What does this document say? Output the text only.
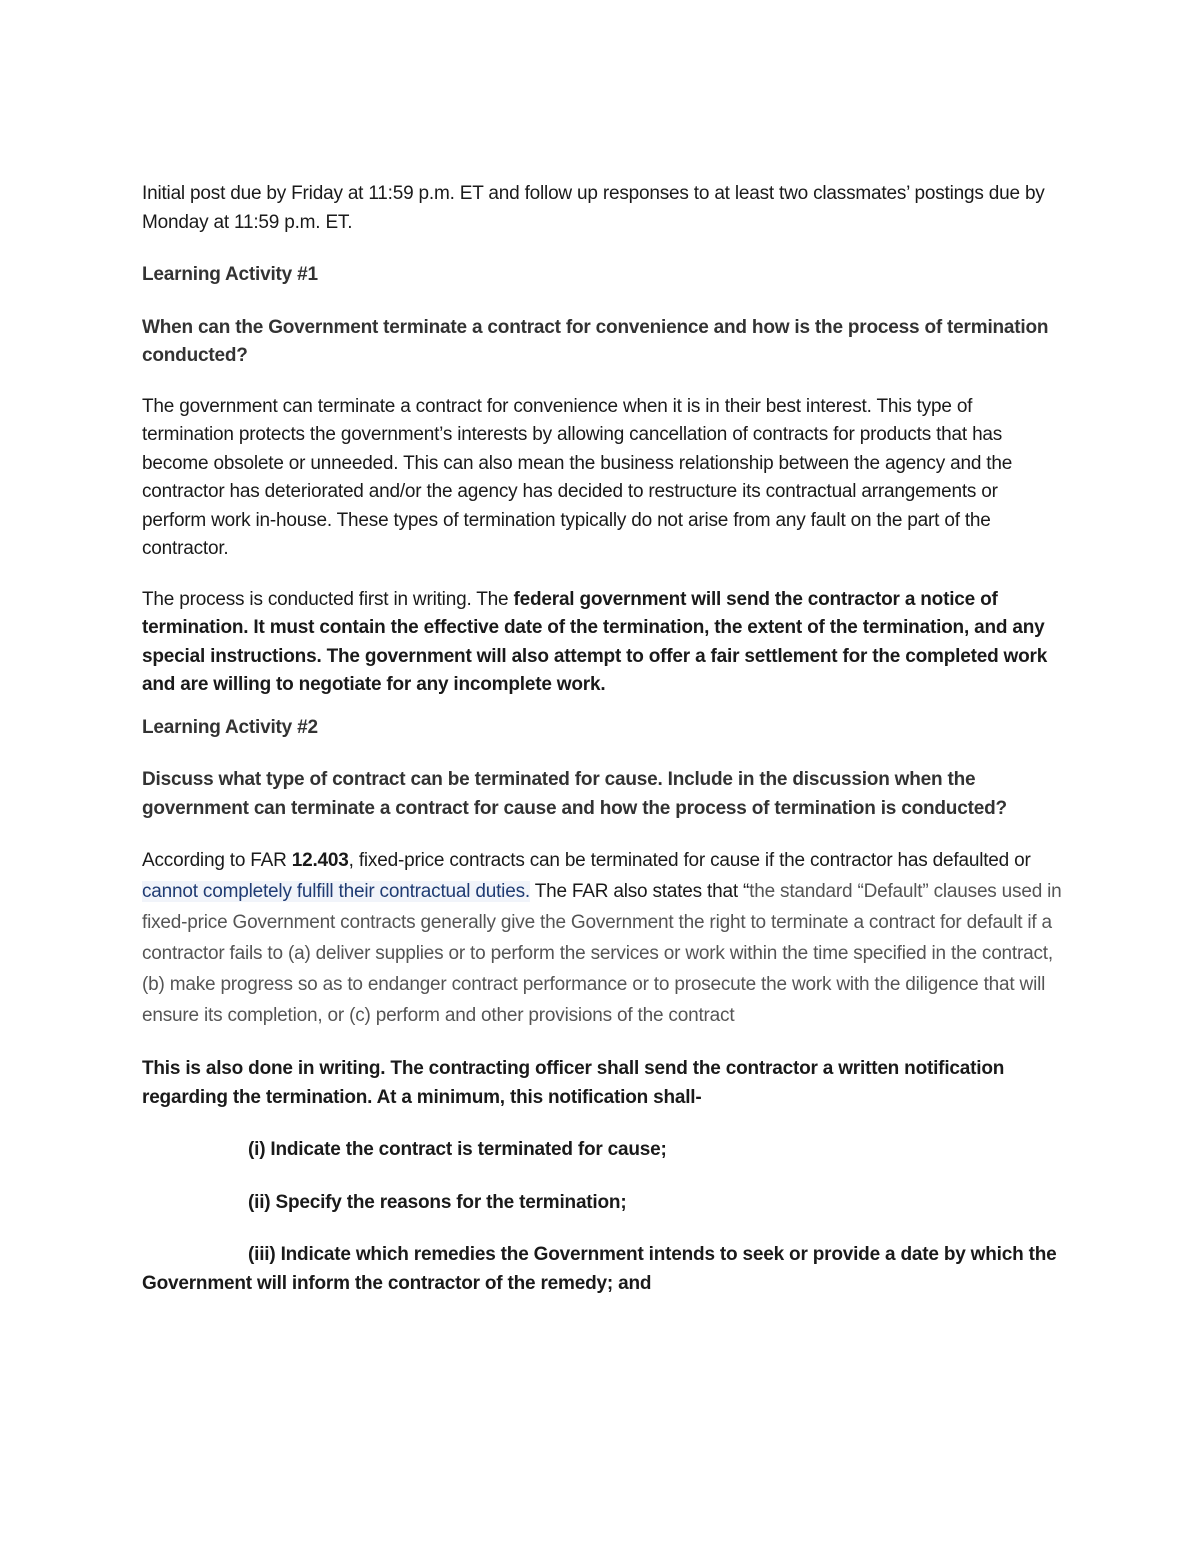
Initial post due by Friday at 11:59 p.m. ET and follow up responses to at least two classmates’ postings due by Monday at 11:59 p.m. ET.

Learning Activity #1

When can the Government terminate a contract for convenience and how is the process of termination conducted?

The government can terminate a contract for convenience when it is in their best interest. This type of termination protects the government’s interests by allowing cancellation of contracts for products that has become obsolete or unneeded. This can also mean the business relationship between the agency and the contractor has deteriorated and/or the agency has decided to restructure its contractual arrangements or perform work in-house. These types of termination typically do not arise from any fault on the part of the contractor.

The process is conducted first in writing. The federal government will send the contractor a notice of termination. It must contain the effective date of the termination, the extent of the termination, and any special instructions. The government will also attempt to offer a fair settlement for the completed work and are willing to negotiate for any incomplete work.

Learning Activity #2

Discuss what type of contract can be terminated for cause. Include in the discussion when the government can terminate a contract for cause and how the process of termination is conducted?

According to FAR 12.403, fixed-price contracts can be terminated for cause if the contractor has defaulted or cannot completely fulfill their contractual duties. The FAR also states that “the standard “Default” clauses used in fixed-price Government contracts generally give the Government the right to terminate a contract for default if a contractor fails to (a) deliver supplies or to perform the services or work within the time specified in the contract, (b) make progress so as to endanger contract performance or to prosecute the work with the diligence that will ensure its completion, or (c) perform and other provisions of the contract

This is also done in writing. The contracting officer shall send the contractor a written notification regarding the termination. At a minimum, this notification shall-

(i) Indicate the contract is terminated for cause;

(ii) Specify the reasons for the termination;

(iii) Indicate which remedies the Government intends to seek or provide a date by which the Government will inform the contractor of the remedy; and
